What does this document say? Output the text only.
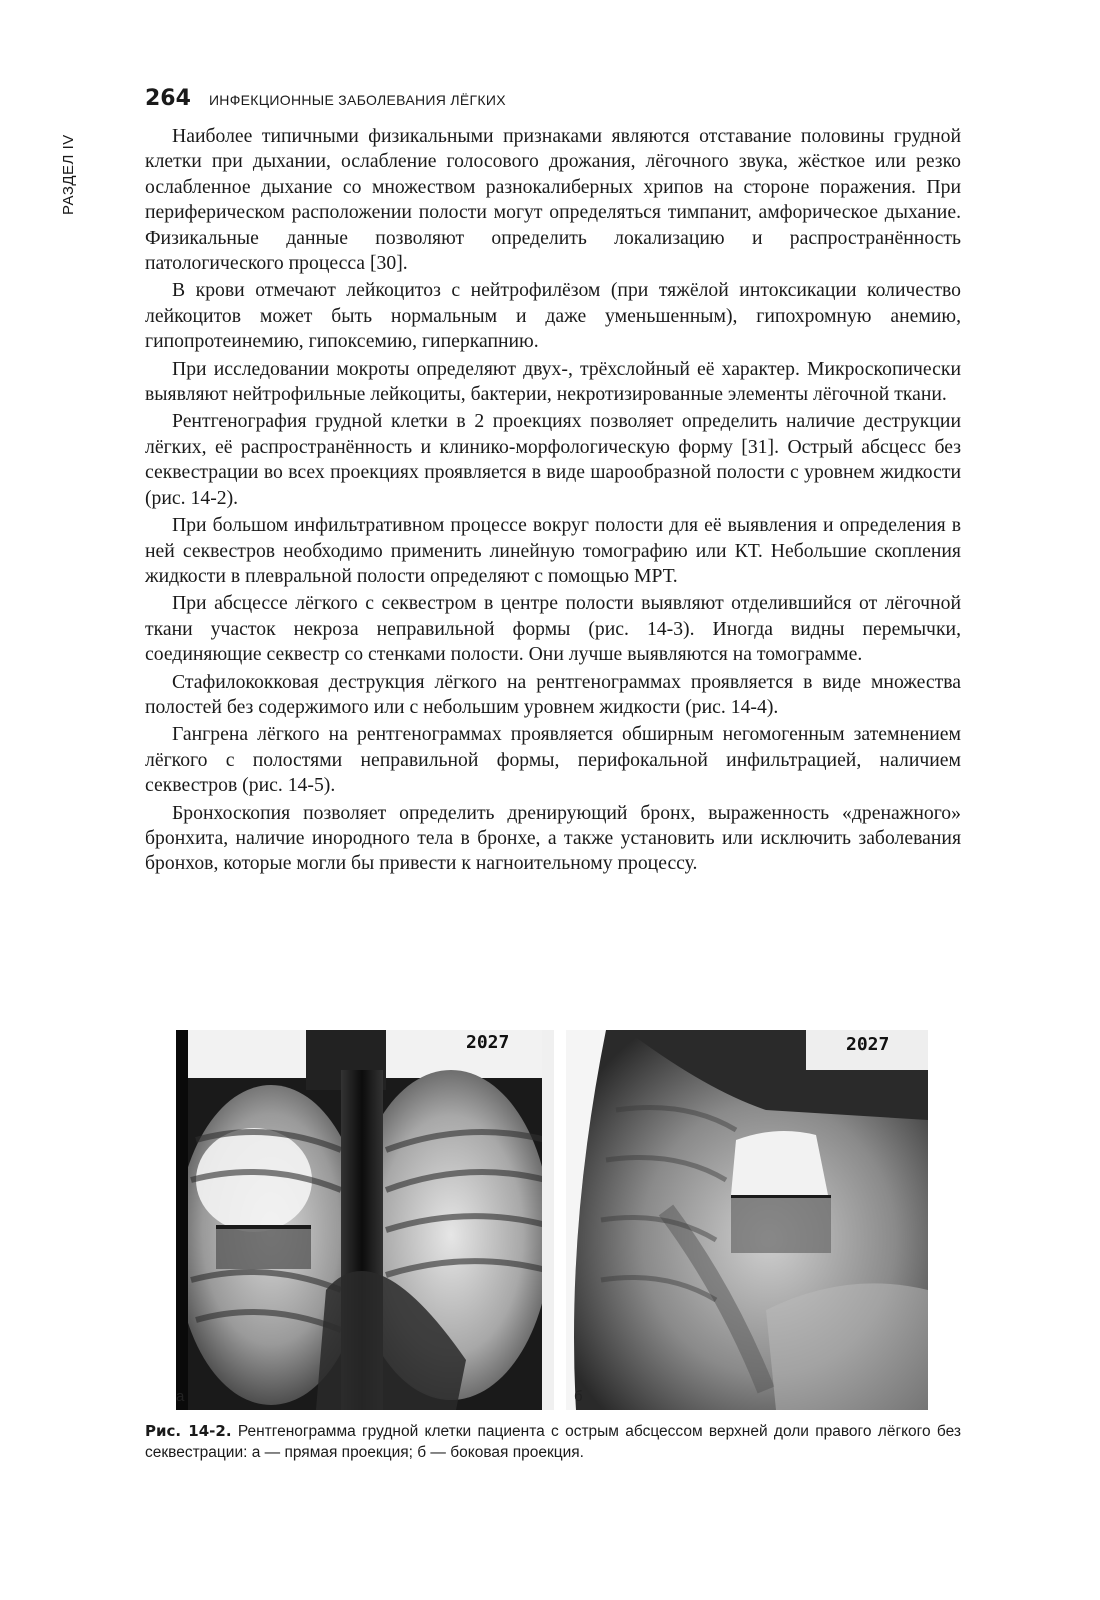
РАЗДЕЛ IV
264 ИНФЕКЦИОННЫЕ ЗАБОЛЕВАНИЯ ЛЁГКИХ

Наиболее типичными физикальными признаками являются отставание половины грудной клетки при дыхании, ослабление голосового дрожания, лёгочного звука, жёсткое или резко ослабленное дыхание со множеством разнокалиберных хрипов на стороне поражения. При периферическом расположении полости могут определяться тимпанит, амфорическое дыхание. Физикальные данные позволяют определить локализацию и распространённость патологического процесса [30].

В крови отмечают лейкоцитоз с нейтрофилёзом (при тяжёлой интоксикации количество лейкоцитов может быть нормальным и даже уменьшенным), гипохромную анемию, гипопротеинемию, гипоксемию, гиперкапнию.

При исследовании мокроты определяют двух-, трёхслойный её характер. Микроскопически выявляют нейтрофильные лейкоциты, бактерии, некротизированные элементы лёгочной ткани.

Рентгенография грудной клетки в 2 проекциях позволяет определить наличие деструкции лёгких, её распространённость и клинико-морфологическую форму [31]. Острый абсцесс без секвестрации во всех проекциях проявляется в виде шарообразной полости с уровнем жидкости (рис. 14-2).

При большом инфильтративном процессе вокруг полости для её выявления и определения в ней секвестров необходимо применить линейную томографию или КТ. Небольшие скопления жидкости в плевральной полости определяют с помощью МРТ.

При абсцессе лёгкого с секвестром в центре полости выявляют отделившийся от лёгочной ткани участок некроза неправильной формы (рис. 14-3). Иногда видны перемычки, соединяющие секвестр со стенками полости. Они лучше выявляются на томограмме.

Стафилококковая деструкция лёгкого на рентгенограммах проявляется в виде множества полостей без содержимого или с небольшим уровнем жидкости (рис. 14-4).

Гангрена лёгкого на рентгенограммах проявляется обширным негомогенным затемнением лёгкого с полостями неправильной формы, перифокальной инфильтрацией, наличием секвестров (рис. 14-5).

Бронхоскопия позволяет определить дренирующий бронх, выраженность «дренажного» бронхита, наличие инородного тела в бронхе, а также установить или исключить заболевания бронхов, которые могли бы привести к нагноительному процессу.

2027	2027
а	б
Рис. 14-2. Рентгенограмма грудной клетки пациента с острым абсцессом верхней доли правого лёгкого без секвестрации: а — прямая проекция; б — боковая проекция.
